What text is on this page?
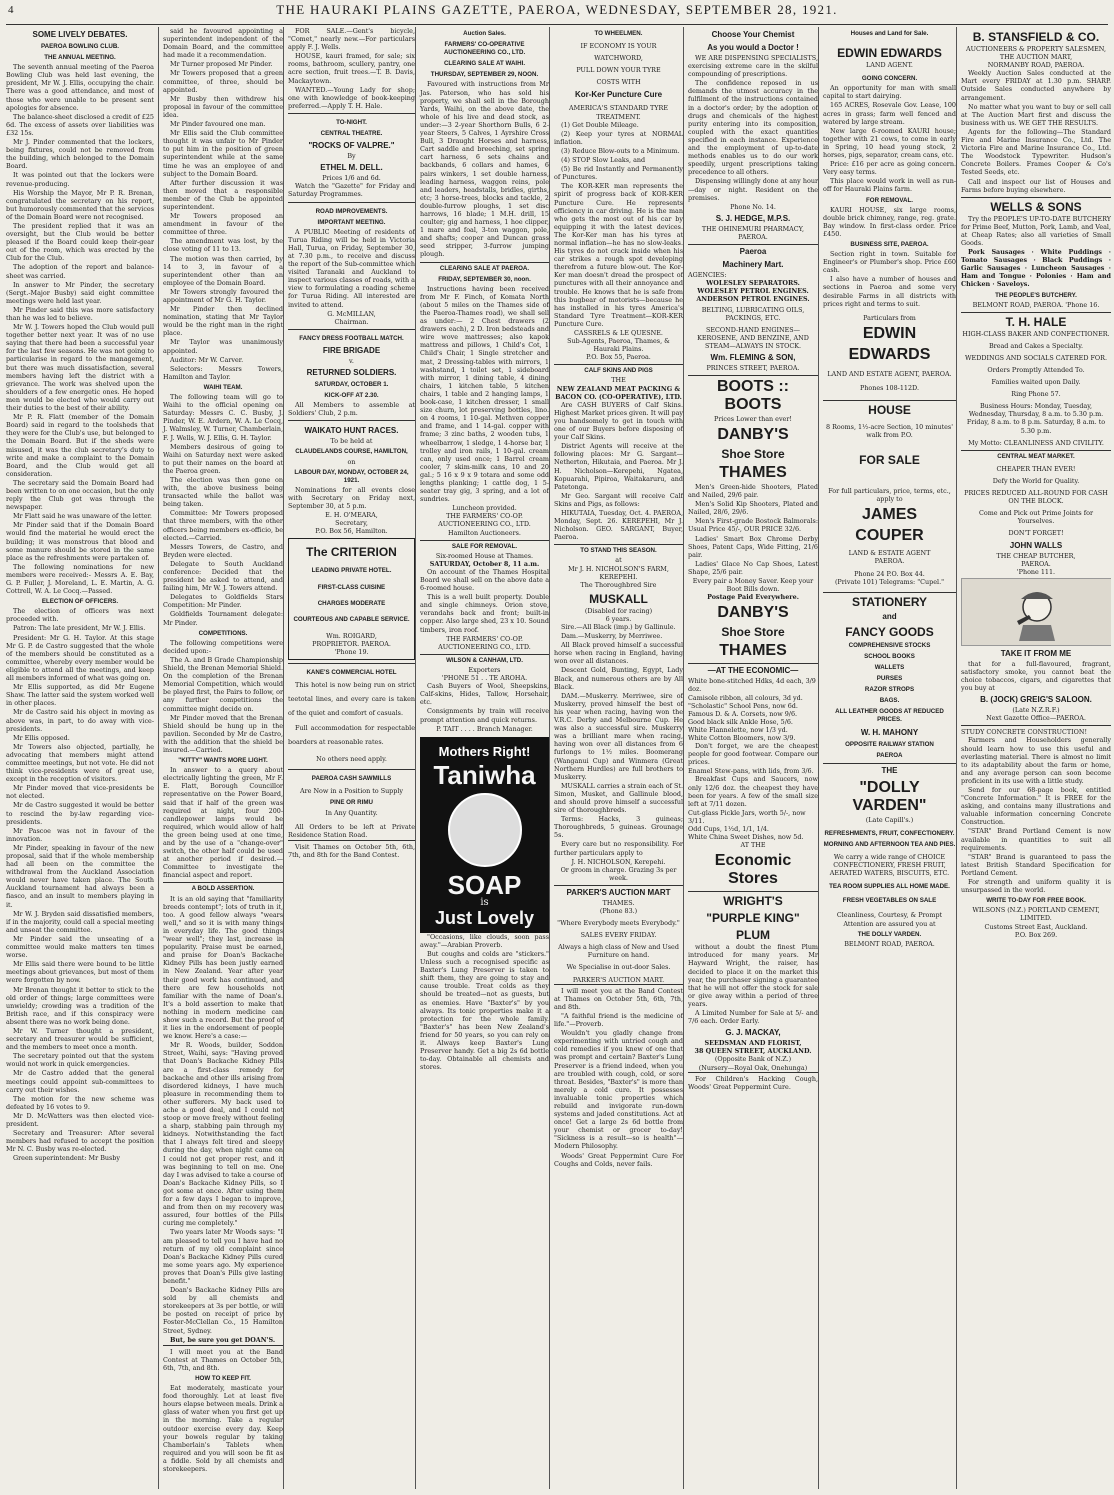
4	THE HAURAKI PLAINS GAZETTE, PAEROA, WEDNESDAY, SEPTEMBER 28, 1921.
SOME LIVELY DEBATES.
PAEROA BOWLING CLUB.
THE ANNUAL MEETING.

The seventh annual meeting of the Paeroa Bowling Club was held last evening, the president, Mr W. J. Ellis, occupying the chair. There was a good attendance, and most of those who were unable to be present sent apologies for absence.

The balance-sheet disclosed a credit of £25 6d. The excess of assets over liabilities was £32 15s.

Mr J. Pinder commented that the lockers, being fixtures, could not be removed from the building, which belonged to the Domain Board.

It was pointed out that the lockers were revenue-producing.

His Worship the Mayor, Mr P. R. Brenan, congratulated the secretary on his report, but humorously commented that the services of the Domain Board were not recognised.

The president replied that it was an oversight, but the Club would be better pleased if the Board could keep their-gear out of the room, which was erected by the Club for the Club.

The adoption of the report and balance-sheet was carried.

In answer to Mr Pinder, the secretary (Sergt.-Major Busby) said eight committee meetings were held last year.

Mr Pinder said this was more satisfactory than he was led to believe.

Mr W. J. Towers hoped the Club would pull together better next year. It was of no use saying that there had been a successful year for the last few seasons. He was not going to particularise in regard to the management, but there was much dissatisfaction, several members having left the district with a grievance. The work was shelved upon the shoulders of a few energetic ones. He hoped men would be elected who would carry out their duties to the best of their ability.

Mr P. R. Flatt (member of the Domain Board) said in regard to the toolsheds that they were for the Club's use, but belonged to the Domain Board. But if the sheds were misused, it was the club secretary's duty to write and make a complaint to the Domain Board, and the Club would get all consideration.

The secretary said the Domain Board had been written to on one occasion, but the only reply the Club got was through the newspaper.

Mr Flatt said he was unaware of the letter.

Mr Pinder said that if the Domain Board would find the material he would erect the building; it was monstrous that blood and some manure should be stored in the same place as the refreshments were partaken of.

The following nominations for new members were received:- Messrs A. E. Bay, G. P. Fuller, J. Moreland, L. E. Martin, A. G. Cottrell, W. A. Le Cocq.—Passed.

ELECTION OF OFFICERS.

The election of officers was next proceeded with.

Patron: The late president, Mr W. J. Ellis.

President: Mr G. H. Taylor. At this stage Mr G. P. de Castro suggested that the whole of the members should be constituted as a committee, whereby every member would be eligible to attend all the meetings, and keep all members informed of what was going on.

Mr Ellis supported, as did Mr Eugene Shaw. The latter said the system worked well in other places.

Mr de Castro said his object in moving as above was, in part, to do away with vice-presidents.

Mr Ellis opposed.

Mr Towers also objected, partially, he advocating that members might attend committee meetings, but not vote. He did not think vice-presidents were of great use, except in the reception of visitors.

Mr Pinder moved that vice-presidents be not elected.

Mr de Castro suggested it would be better to rescind the by-law regarding vice-presidents.

Mr Pascoe was not in favour of the innovation.

Mr Pinder, speaking in favour of the new proposal, said that if the whole membership had all been on the committee the withdrawal from the Auckland Association would never have taken place. The South Auckland tournament had always been a fiasco, and an insult to members playing in it.

Mr W. J. Bryden said dissatisfied members, if in the majority, could call a special meeting and unseat the committee.

Mr Pinder said the unseating of a committee would make matters ten times worse.

Mr Ellis said there were bound to be little meetings about grievances, but most of them were forgotten by now.

Mr Brenan thought it better to stick to the old order of things; large committees were unwieldy; crowding was a tradition of the British race, and if this conspiracy were absent there was no work being done.

Mr W. Turner thought a president, secretary and treasurer would be sufficient, and the members to meet once a month.

The secretary pointed out that the system would not work in quick emergencies.

Mr de Castro added that the general meetings could appoint sub-committees to carry out their wishes.

The motion for the new scheme was defeated by 16 votes to 9.

Mr D. McWatters was then elected vice-president.

Secretary and Treasurer: After several members had refused to accept the position Mr N. C. Busby was re-elected.

Green superintendent: Mr Busby

said he favoured appointing a superintendent independent of the Domain Board, and the committee had made it a recommendation.

Mr Turner proposed Mr Pinder.

Mr Towers proposed that a green committee, of three, should be appointed.

Mr Busby then withdrew his proposal in favour of the committee idea.

Mr Pinder favoured one man.

Mr Ellis said the Club committee thought it was unfair to Mr Pinder to put him in the position of green superintendent while at the same time he was an employee of and subject to the Domain Board.

After further discussion it was then moved that a responsible member of the Club be appointed superintendent.

Mr Towers proposed an amendment in favour of the committee of three.

The amendment was lost, by the close voting of 11 to 13.

The motion was then carried, by 14 to 3, in favour of a superintendent other than an employee of the Domain Board.

Mr Towers strongly favoured the appointment of Mr G. H. Taylor.

Mr Pinder then declined nomination, stating that Mr Taylor would be the right man in the right place.

Mr Taylor was unanimously appointed.

Auditor: Mr W. Carver.

Selectors: Messrs Towers, Hamilton and Taylor.

WAIHI TEAM.

The following team will go to Waihi to the official opening on Saturday: Messrs C. C. Busby, J. Pinder, W. E. Ardern, W. A. Le Cocq, J. Walmsley, W. Turner, Chamberlain, F. J. Wells, W. J. Ellis, G. H. Taylor.

Members desirous of going to Waihi on Saturday next were asked to put their names on the board at the Paeroa green.

The election was then gone on with, the above business being transacted while the ballot was being taken.

Committee: Mr Towers proposed that three members, with the other officers being members ex-officio, be elected.—Carried.

Messrs Towers, de Castro, and Bryden were elected.

Delegate to South Auckland conference: Decided that the president be asked to attend, and failing him, Mr W. J. Towers attend.

Delegates to Goldfields Stars Competition: Mr Pinder.

Goldfields Tournament delegate: Mr Pinder.

COMPETITIONS.

The following competitions were decided upon:-

The A. and B Grade Championship Shield, the Brenan Memorial Shield. On the completion of the Brenan Memorial Competition, which would be played first, the Pairs to follow, or any further competitions the committee might decide on.

Mr Pinder moved that the Brenan Shield should be hung up in the pavilion. Seconded by Mr de Castro, with the addition that the shield be insured.—Carried.

"KITTY" WANTS MORE LIGHT.

In answer to a query about electrically lighting the green, Mr F. E. Flatt, Borough Councillor representative on the Power Board, said that if half of the green was required at night, four 200-candlepower lamps would be required, which would allow of half the green being used at one time, and by the use of a "change-over" switch, the other half could be used at another period if desired.—Committee to investigate the financial aspect and report.

A BOLD ASSERTION.

It is an old saying that "familiarity breeds contempt"; lots of truth in it, too. A good fellow always "wears well," and so it is with many things in everyday life. The good things "wear well"; they last, increase in popularity. Praise must be earned, and praise for Doan's Backache Kidney Pills has been justly earned in New Zealand. Year after year their good work has continued, and there are few households not familiar with the name of Doan's. It's a bold assertion to make that nothing in modern medicine can show such a record. But the proof of it lies in the endorsement of people we know. Here's a case:—

Mr R. Woods, builder, Soddon Street, Waihi, says: "Having proved that Doan's Backache Kidney Pills are a first-class remedy for backache and other ills arising from disordered kidneys, I have much pleasure in recommending them to other sufferers. My back used to ache a good deal, and I could not stoop or move freely without feeling a sharp, stabbing pain through my kidneys. Notwithstanding the fact that I always felt tired and sleepy during the day, when night came on I could not get proper rest, and it was beginning to tell on me. One day I was advised to take a course of Doan's Backache Kidney Pills, so I got some at once. After using them for a few days I began to improve, and from then on my recovery was assured, four bottles of the Pills curing me completely."

Two years later Mr Woods says: "I am pleased to tell you I have had no return of my old complaint since Doan's Backache Kidney Pills cured me some years ago. My experience proves that Doan's Pills give lasting benefit."

Doan's Backache Kidney Pills are sold by all chemists and storekeepers at 3s per bottle, or will be posted on receipt of price by Foster-McClellan Co., 15 Hamilton Street, Sydney.

But, be sure you get DOAN'S.

I will meet you at the Band Contest at Thames on October 5th, 6th, 7th, and 8th.

HOW TO KEEP FIT.

Eat moderately, masticate your food thoroughly. Let at least five hours elapse between meals. Drink a glass of water when you first get up in the morning. Take a regular outdoor exercise every day. Keep your bowels regular by taking Chamberlain's Tablets when required and you will soon be fit as a fiddle. Sold by all chemists and storekeepers.

FOR SALE.—Gent's bicycle, "Comet," nearly new.—For particulars apply F. J. Wells.

HOUSE, kauri framed, for sale; six rooms, bathroom, scullery, pantry, one acre section, fruit trees.—T. B. Davis, Mackaytown.

WANTED.—Young Lady for shop; one with knowledge of book-keeping preferred.—Apply T. H. Hale.

TO-NIGHT.
CENTRAL THEATRE.
"ROCKS OF VALPRE."
By
ETHEL M. DELL.
Prices 1/6 and 6d.

Watch the "Gazette" for Friday and Saturday Programmes.

ROAD IMPROVEMENTS.
IMPORTANT MEETING.

A PUBLIC Meeting of residents of Turua Riding will be held in Victoria Hall, Turua, on Friday, September 30, at 7.30 p.m., to receive and discuss the report of the Sub-committee which visited Taranaki and Auckland to inspect various classes of roads, with a view to formulating a roading scheme for Turua Riding. All interested are invited to attend.

G. McMILLAN,
Chairman.
FANCY DRESS FOOTBALL MATCH.
FIRE BRIGADE
v.
RETURNED SOLDIERS.
SATURDAY, OCTOBER 1.
KICK-OFF AT 2.30.

All Members to assemble at Soldiers' Club, 2 p.m.

WAIKATO HUNT RACES.
To be held at
CLAUDELANDS COURSE, HAMILTON,
on
LABOUR DAY, MONDAY, OCTOBER 24, 1921.

Nominations for all events close with Secretary on Friday next, September 30, at 5 p.m.

E. H. O'MEARA,
Secretary,
P.O. Box 56, Hamilton.
The CRITERION
LEADING PRIVATE HOTEL.
FIRST-CLASS CUISINE
CHARGES MODERATE
COURTEOUS AND CAPABLE SERVICE.
Wm. ROIGARD,
PROPRIETOR. PAEROA.
'Phone 19.
KANE'S COMMERCIAL HOTEL

This hotel is now being run on strict teetotal lines, and every care is taken of the quiet and comfort of casuals.

Full accommodation for respectable boarders at reasonable rates.

No others need apply.
PAEROA CASH SAWMILLS
Are Now in a Position to Supply
PINE OR RIMU
In Any Quantity.

All Orders to be left at Private Residence Station Road.

Visit Thames on October 5th, 6th, 7th, and 8th for the Band Contest.

Auction Sales.
FARMERS' CO-OPERATIVE AUCTIONEERING CO., LTD.
CLEARING SALE AT WAIHI.
THURSDAY, SEPTEMBER 29, NOON.

Favoured with instructions from Mr Jas. Paterson, who has sold his property, we shall sell in the Borough Yards, Waihi, on the above date, the whole of his live and dead stock, as under:—3 2-year Shorthorn Bulls, 6 2-year Steers, 5 Calves, 1 Ayrshire Cross Bull, 3 Draught Horses and harness, Cart saddle and breeching, set spring cart harness, 6 sets chains and backbands, 6 collars and hames, 6 pairs winkers, 1 set double harness, leading harness, waggon reins, pole and leaders, headstalls, bridles, girths, etc; 3 horse-trees, blocks and tackle, 2 double-furrow ploughs, 1 set disc harrows, 16 blade; 1 M.H. drill, 15 coulter; gig and harness, 1 hoe clipper, 1 mare and foal, 3-ton waggon, pole, and shafts; cooper and Duncan grass seed stripper, 3-furrow jumping plough.

CLEARING SALE AT PAEROA.
FRIDAY, SEPTEMBER 30, noon.

Instructions having been received from Mr F. Finch, of Komata North (about 5 miles on the Thames side of the Paeroa-Thames road), we shall sell as under:— 2 Chest drawers (2 drawers each), 2 D. Iron bedsteads and wire wove mattresses; also kapok mattress and pillows, 1 Child's Cot, 1 Child's Chair, 1 Single stretcher and mat, 2 Dressing-tables with mirrors, 1 washstand, 1 toilet set, 1 sideboard with mirror, 1 dining table, 4 dining chairs, 1 kitchen table, 5 kitchen chairs, 1 table and 2 hanging lamps, 1 book-case, 1 kitchen dresser, 1 small size churn, lot preserving bottles, lino. on 4 rooms, 1 10-gal. Methven copper and frame, and 1 14-gal. copper with frame; 3 zinc baths, 2 wooden tubs, 1 wheelbarrow, 1 sledge, 1 4-horse bar, 1 trolley and iron rails, 1 10-gal. cream can, only used once; 1 Barrel cream cooler, 7 skim-milk cans, 10 and 20 gal.; 5 16 x 9 x 9 totara and some odd lengths planking; 1 cattle dog, 1 5-seater tray gig, 3 spring, and a lot of sundries.

Luncheon provided.
THE FARMERS' CO-OP. AUCTIONEERING CO., LTD.
Hamilton Auctioneers.
SALE FOR REMOVAL.
Six-roomed House at Thames.
SATURDAY, October 8, 11 a.m.

On account of the Thames Hospital Board we shall sell on the above date a 6-roomed house.

This is a well built property. Double and single chimneys. Orion stove, verandahs back and front; built-in copper. Also large shed, 23 x 10. Sound timbers, iron roof.

THE FARMERS' CO-OP. AUCTIONEERING CO., LTD.
WILSON & CANHAM, LTD.
Exporters
'PHONE 51 . . TE AROHA.

Cash Buyers of Wool, Sheepskins, Calf-skins, Hides, Tallow, Horsehair, etc.

Consignments by train will receive prompt attention and quick returns.

P. TAIT . . . . Branch Manager.
Mothers Right!
Taniwha
SOAP
is
Just Lovely

"Occasions, like clouds, soon pass away."—Arabian Proverb.

But coughs and colds are "stickers." Unless such a recognised specific as Baxter's Lung Preserver is taken to shift them, they are going to stay and cause trouble. Treat colds as they should be treated—not as guests, but as enemies. Have "Baxter's" by you always. Its tonic properties make it a protection for the whole family. "Baxter's" has been New Zealand's friend for 50 years, so you can rely on it. Always keep Baxter's Lung Preserver handy. Get a big 2s 6d bottle to-day. Obtainable all chemists and stores.

TO WHEELMEN.
IF ECONOMY IS YOUR
WATCHWORD,
PULL DOWN YOUR TYRE
COSTS WITH
Kor-Ker Puncture Cure
AMERICA'S STANDARD TYRE TREATMENT.

(1) Get Double Mileage.

(2) Keep your tyres at NORMAL inflation.

(3) Reduce Blow-outs to a Minimum.

(4) STOP Slow Leaks, and

(5) Be rid Instantly and Permanently of Punctures.

The KOR-KER man represents the spirit of progress back of KOR-KER Puncture Cure. He represents efficiency in car driving. He is the man who gets the most out of his car by equipping it with the latest devices. The Kor-Ker man has his tyres at normal inflation—he has no slow-leaks. His tyres do not crack inside when his car strikes a rough spot developing therefrom a future blow-out. The Kor-Ker man doesn't dread the prospect of punctures with all their annoyance and trouble. He knows that he is safe from this bugbear of motorists—because he has installed in his tyres America's Standard Tyre Treatment—KOR-KER Puncture Cure.

CASSRELS & LE QUESNE.
Sub-Agents, Paeroa, Thames, & Hauraki Plains.
P.O. Box 55, Paeroa.
CALF SKINS AND PIGS
THE
NEW ZEALAND MEAT PACKING & BACON CO. (CO-OPERATIVE), LTD.

Are CASH BUYERS of Calf Skins. Highest Market prices given. It will pay you handsomely to get in touch with one of our Buyers before disposing of your Calf Skins.

District Agents will receive at the following places: Mr G. Sargant—Netherton, Hikutaia, and Paeroa. Mr J. H. Nicholson—Kerepehi, Ngatea, Kopuarahi, Pipiroa, Waitakaruru, and Patetonga.

Mr Geo. Sargant will receive Calf Skins and Pigs, as follows:

HIKUTAIA, Tuesday, Oct. 4. PAEROA, Monday, Sept. 26. KEREPEHI, Mr J. Nicholson. GEO. SARGANT, Buyer, Paeroa.

TO STAND THIS SEASON.
at
Mr J. H. NICHOLSON'S FARM, KEREPEHI.
The Thoroughbred Sire
MUSKALL
(Disabled for racing)
6 years.

Sire.—All Black (imp.) by Gallinule.

Dam.—Muskerry, by Merriwee.

All Black proved himself a successful horse when racing in England, having won over all distances.

Descent Gold, Bunting, Egypt, Lady Black, and numerous others are by All Black.

DAM.—Muskerry. Merriwee, sire of Muskerry, proved himself the best of his year when racing, having won the V.R.C. Derby and Melbourne Cup. He was also a successful sire. Muskerry was a brilliant mare when racing, having won over all distances from 6 furlongs to 1½ miles. Boomerang (Wanganui Cup) and Winmera (Great Northern Hurdles) are full brothers to Muskerry.

MUSKALL carries a strain each of St. Simon, Musket, and Gallinule blood, and should prove himself a successful sire of thoroughbreds.

Terms: Hacks, 3 guineas; Thoroughbreds, 5 guineas. Grounage 5s.

Every care but no responsibility. For further particulars apply to

J. H. NICHOLSON, Kerepehi.
Or groom in charge. Grazing 3s per week.
PARKER'S AUCTION MART
THAMES.
(Phone 83.)
"Where Everybody meets Everybody."
SALES EVERY FRIDAY.
Always a high class of New and Used Furniture on hand.
We Specialise in out-door Sales.
PARKER'S AUCTION MART.

I will meet you at the Band Contest at Thames on October 5th, 6th, 7th, and 8th.

"A faithful friend is the medicine of life."—Proverb.

Wouldn't you gladly change from experimenting with untried cough and cold remedies if you knew of one that was prompt and certain? Baxter's Lung Preserver is a friend indeed, when you are troubled with cough, cold, or sore throat. Besides, "Baxter's" is more than merely a cold cure. It possesses invaluable tonic properties which rebuild and invigorate run-down systems and jaded constitutions. Act at once! Get a large 2s 6d bottle from your chemist or grocer to-day! "Sickness is a result—so is health"—Modern Philosophy.

Woods' Great Peppermint Cure For Coughs and Colds, never fails.

Choose Your Chemist
As you would a Doctor !

WE ARE DISPENSING SPECIALISTS, exercising extreme care in the skilful compounding of prescriptions.

The confidence reposed in us demands the utmost accuracy in the fulfilment of the instructions contained in a doctor's order; by the adoption of drugs and chemicals of the highest purity entering into its composition, coupled with the exact quantities specified in each instance. Experience and the employment of up-to-date methods enables us to do our work speedily, urgent prescriptions taking precedence to all others.

Dispensing willingly done at any hour—day or night. Resident on the premises.

Phone No. 14.
S. J. HEDGE, M.P.S.
THE OHINEMURI PHARMACY, PAEROA.
Paeroa
Machinery Mart.
AGENCIES:
WOLESLEY SEPARATORS.
WOLESLEY PETROL ENGINES.
ANDERSON PETROL ENGINES.
BELTING, LUBRICATING OILS, PACKINGS, ETC.
SECOND-HAND ENGINES—
KEROSENE, AND BENZINE, AND STEAM—ALWAYS IN STOCK.
Wm. FLEMING & SON,
PRINCES STREET, PAEROA.
BOOTS :: BOOTS
Prices Lower than ever!
DANBY'S
Shoe Store
THAMES

Men's Green-hide Shooters, Plated and Nailed, 29/6 pair.

Men's Solid Kip Shooters, Plated and Nailed, 28/6, 29/6.

Men's First-grade Bostock Balmorals: Usual Price 45/-, OUR PRICE 32/6.

Ladies' Smart Box Chrome Derby Shoes, Patent Caps, Wide Fitting, 21/6 pair.

Ladies' Glace No Cap Shoes, Latest Shape, 25/6 pair.

Every pair a Money Saver. Keep your Boot Bills down.
Postage Paid Everywhere.
DANBY'S
Shoe Store
THAMES
—AT THE ECONOMIC—
White bone-stitched Hdks, 4d each, 3/9 doz.
Camisole ribbon, all colours, 3d yd.
"Scholastic" School Pens, now 6d.
Famous D. & A. Corsets, now 9/6.
Good black silk Ankle Hose, 5/6.
White Flannelette, now 1/3 yd.
White Cotton Bloomers, now 3/9.

Don't forget, we are the cheapest people for good footwear. Compare our prices.

Enamel Stew-pans, with lids, from 3/6.

Breakfast Cups and Saucers, now only 12/6 doz. the cheapest they have been for years. A few of the small size left at 7/11 dozen.

Cut-glass Pickle Jars, worth 5/-, now 3/11.
Odd Cups, 1½d, 1/1, 1/4.
White China Sweet Dishes, now 5d.
AT THE
Economic Stores
WRIGHT'S
"PURPLE KING"
PLUM

without a doubt the finest Plum introduced for many years. Mr Hayward Wright, the raiser, has decided to place it on the market this year, the purchaser signing a guarantee that he will not offer the stock for sale or give away within a period of three years.

A Limited Number for Sale at 5/- and 7/6 each. Order Early.

G. J. MACKAY,
SEEDSMAN AND FLORIST,
38 QUEEN STREET, AUCKLAND.
(Opposite Bank of N.Z.)
(Nursery—Royal Oak, Onehunga)

For Children's Hacking Cough, Woods' Great Peppermint Cure.

Houses and Land for Sale.
EDWIN EDWARDS
LAND AGENT.
GOING CONCERN.

An opportunity for man with small capital to start dairying.

165 ACRES, Rosevale Gov. Lease, 100 acres in grass; farm well fenced and watered by large stream.

New large 6-roomed KAURI house; together with 21 cows, to come in early in Spring, 10 head young stock, 2 horses, pigs, separator, cream cans, etc.

Price: £16 per acre as going concern. Very easy terms.

This place would work in well as run-off for Hauraki Plains farm.

FOR REMOVAL.

KAURI HOUSE, six large rooms, double brick chimney, range, reg. grate. Bay window. In first-class order. Price £450.

BUSINESS SITE, PAEROA.

Section right in town. Suitable for Engineer's or Plumber's shop. Price £60 cash.

I also have a number of houses and sections in Paeroa and some very desirable Farms in all districts with prices right and terms to suit.

Particulars from
EDWIN
EDWARDS
LAND AND ESTATE AGENT, PAEROA.
Phones 108-112D.
HOUSE
8 Rooms, 1½-acre Section, 10 minutes' walk from P.O.
FOR SALE
For full particulars, price, terms, etc., apply to
JAMES
COUPER
LAND & ESTATE AGENT
PAEROA.
Phone 24 P.O. Box 44.
(Private 101) Telegrams: "Cupel."
STATIONERY
and
FANCY GOODS
COMPREHENSIVE STOCKS
SCHOOL BOOKS
WALLETS
PURSES
RAZOR STROPS
BAGS.
ALL LEATHER GOODS AT REDUCED PRICES.
W. H. MAHONY
OPPOSITE RAILWAY STATION
PAEROA
THE
"DOLLY VARDEN"
(Late Capill's.)
REFRESHMENTS, FRUIT, CONFECTIONERY.
MORNING AND AFTERNOON TEA AND PIES.
We carry a wide range of CHOICE CONFECTIONERY, FRESH FRUIT, AERATED WATERS, BISCUITS, ETC.
TEA ROOM SUPPLIES ALL HOME MADE.
FRESH VEGETABLES ON SALE
Cleanliness, Courtesy, & Prompt Attention are assured you at
THE DOLLY VARDEN.
BELMONT ROAD, PAEROA.
B. STANSFIELD & CO.
AUCTIONEERS & PROPERTY SALESMEN,
THE AUCTION MART,
NORMANBY ROAD, PAEROA.

Weekly Auction Sales conducted at the Mart every FRIDAY at 1.30 p.m. SHARP. Outside Sales conducted anywhere by arrangement.

No matter what you want to buy or sell call at The Auction Mart first and discuss the business with us. WE GET THE RESULTS.

Agents for the following—The Standard Fire and Marine Insurance Co., Ltd. The Victoria Fire and Marine Insurance Co., Ltd. The Woodstock Typewriter. Hudson's Concrete Boilers. Frames Cooper & Co's Tested Seeds, etc.

Call and inspect our list of Houses and Farms before buying elsewhere.

WELLS & SONS

Try the PEOPLE'S UP-TO-DATE BUTCHERY for Prime Beef, Mutton, Pork, Lamb, and Veal, at Cheap Rates; also all varieties of Small Goods.

Pork Sausages · White Puddings · Tomato Sausages · Black Puddings · Garlic Sausages · Luncheon Sausages · Ham and Tongue · Polonies · Ham and Chicken · Saveloys.

THE PEOPLE'S BUTCHERY.
BELMONT ROAD, PAEROA. 'Phone 16.
T. H. HALE
HIGH-CLASS BAKER AND CONFECTIONER.
Bread and Cakes a Specialty.
WEDDINGS AND SOCIALS CATERED FOR.
Orders Promptly Attended To.
Families waited upon Daily.
Ring Phone 57.
Business Hours: Monday, Tuesday, Wednesday, Thursday, 8 a.m. to 5.30 p.m. Friday, 8 a.m. to 8 p.m. Saturday, 8 a.m. to 5.30 p.m.
My Motto: CLEANLINESS AND CIVILITY.
CENTRAL MEAT MARKET.
CHEAPER THAN EVER!
Defy the World for Quality.
PRICES REDUCED ALL-ROUND FOR CASH ON THE BLOCK.
Come and Pick out Prime Joints for Yourselves.
DON'T FORGET!
JOHN WALLS
THE CHEAP BUTCHER,
PAEROA.
'Phone 111.
TAKE IT FROM ME

that for a full-flavoured, fragrant, satisfactory smoke, you cannot beat the choice tobaccos, cigars, and cigarettes that you buy at

B. (JOCK) GREIG'S SALOON.
(Late N.Z.R.F.)
Next Gazette Office—PAEROA.
STUDY CONCRETE CONSTRUCTION!

Farmers and Householders generally should learn how to use this useful and everlasting material. There is almost no limit to its adaptability about the farm or home, and any average person can soon become proficient in its use with a little study.

Send for our 68-page book, entitled "Concrete Information." It is FREE for the asking, and contains many illustrations and valuable information concerning Concrete Construction.

"STAR" Brand Portland Cement is now available in quantities to suit all requirements.

"STAR" Brand is guaranteed to pass the latest British Standard Specification for Portland Cement.

For strength and uniform quality it is unsurpassed in the world.

WRITE TO-DAY FOR FREE BOOK.
WILSONS (N.Z.) PORTLAND CEMENT, LIMITED.
Customs Street East, Auckland.
P.O. Box 269.
